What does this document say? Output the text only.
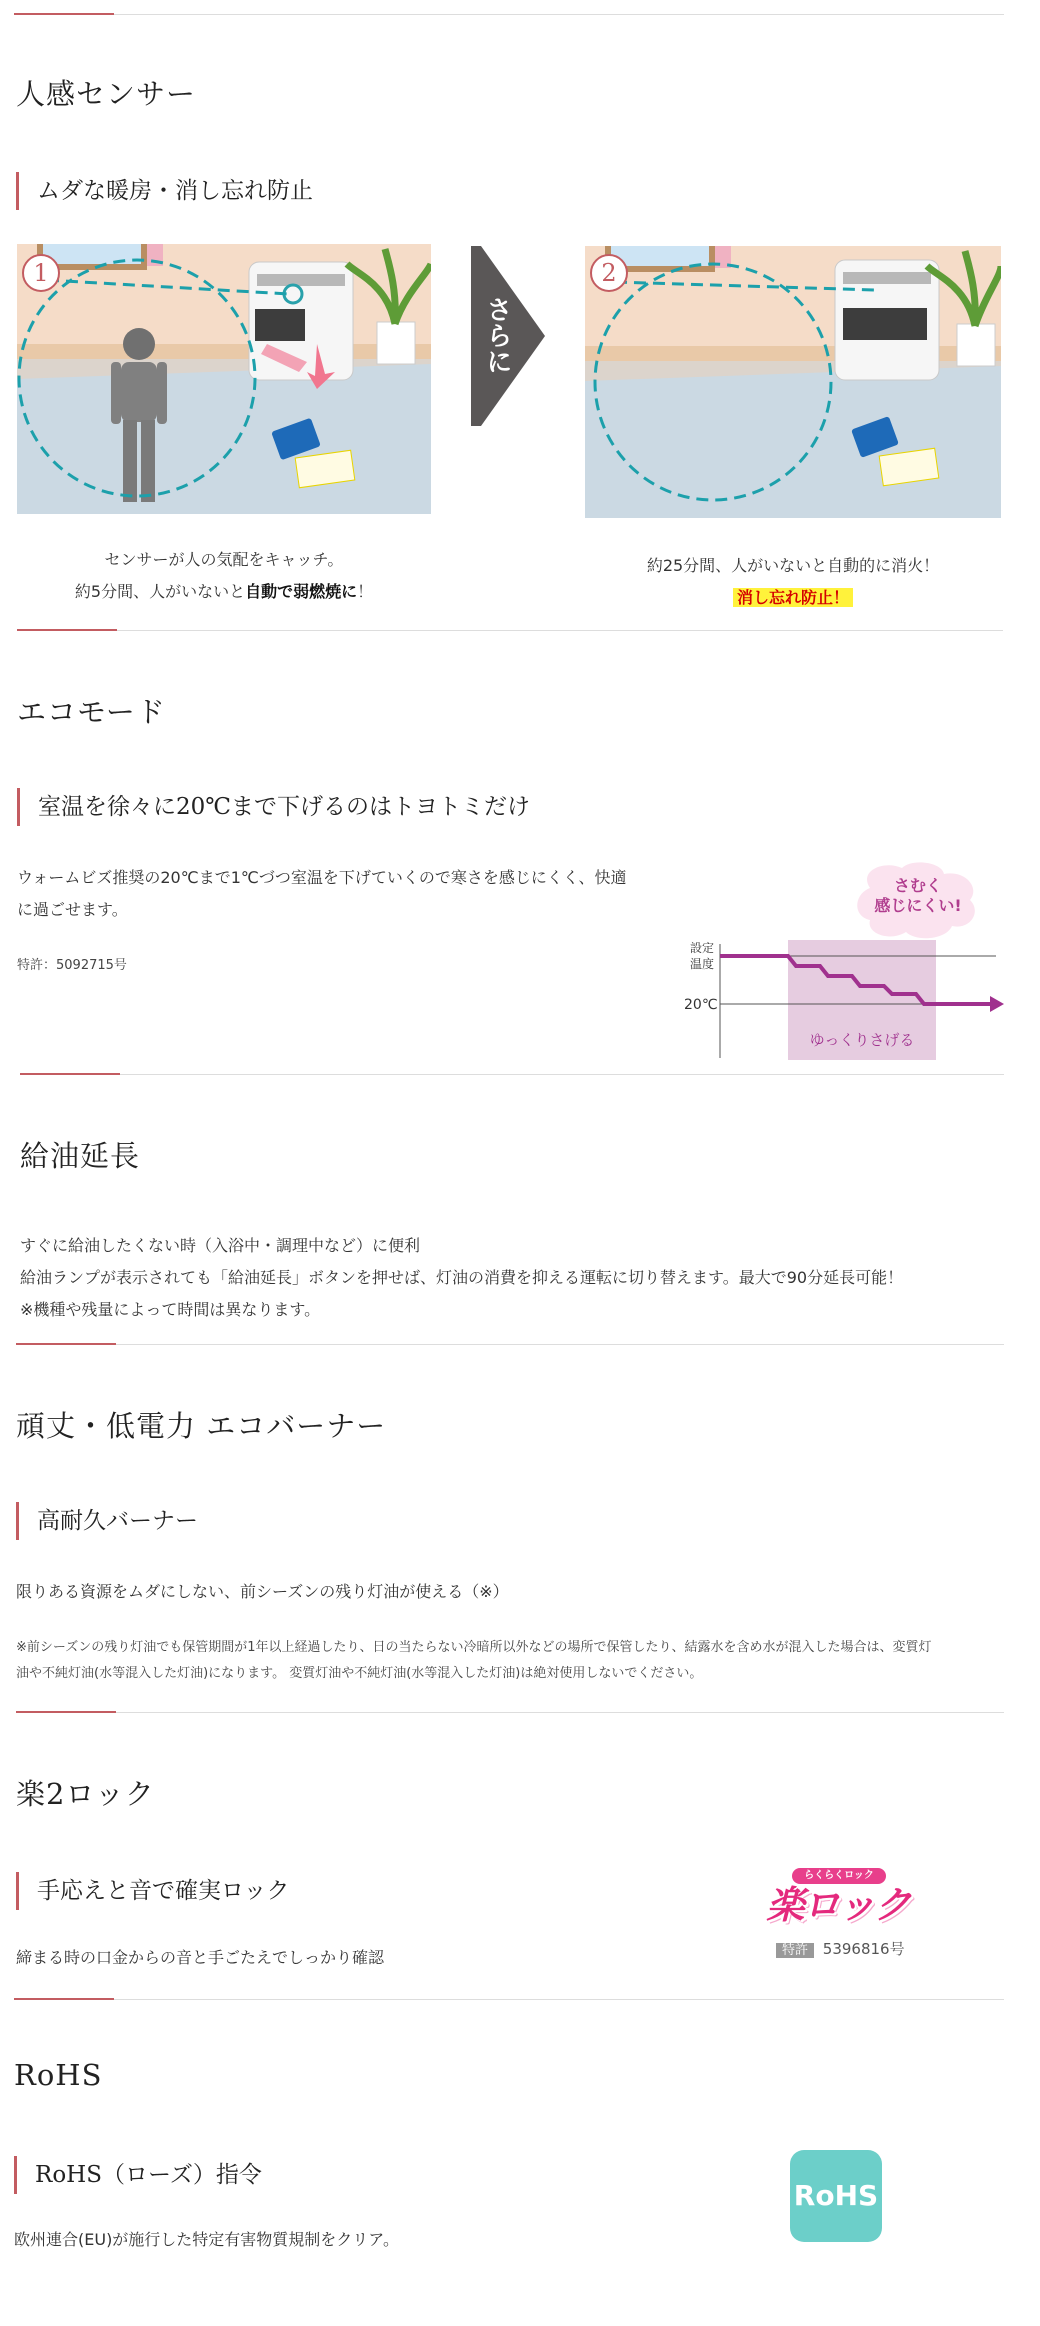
人感センサー
ムダな暖房・消し忘れ防止
1
さらに
2
センサーが人の気配をキャッチ。
約5分間、人がいないと自動で弱燃焼に！
約25分間、人がいないと自動的に消火！
消し忘れ防止！
エコモード
室温を徐々に20℃まで下げるのはトヨトミだけ
ウォームビズ推奨の20℃まで1℃づつ室温を下げていくので寒さを感じにくく、快適
に過ごせます。
特許：5092715号
さむく
感じにくい!
設定
温度
20℃
ゆっくりさげる
給油延長
すぐに給油したくない時（入浴中・調理中など）に便利
給油ランプが表示されても「給油延長」ボタンを押せば、灯油の消費を抑える運転に切り替えます。最大で90分延長可能！
※機種や残量によって時間は異なります。
頑丈・低電力 エコバーナー
高耐久バーナー
限りある資源をムダにしない、前シーズンの残り灯油が使える（※）
※前シーズンの残り灯油でも保管期間が1年以上経過したり、日の当たらない冷暗所以外などの場所で保管したり、結露水を含め水が混入した場合は、変質灯
油や不純灯油(水等混入した灯油)になります。 変質灯油や不純灯油(水等混入した灯油)は絶対使用しないでください。
楽2ロック
手応えと音で確実ロック
締まる時の口金からの音と手ごたえでしっかり確認
らくらくロック
楽ロック
特許 5396816号
RoHS
RoHS（ローズ）指令
欧州連合(EU)が施行した特定有害物質規制をクリア。
RoHS
